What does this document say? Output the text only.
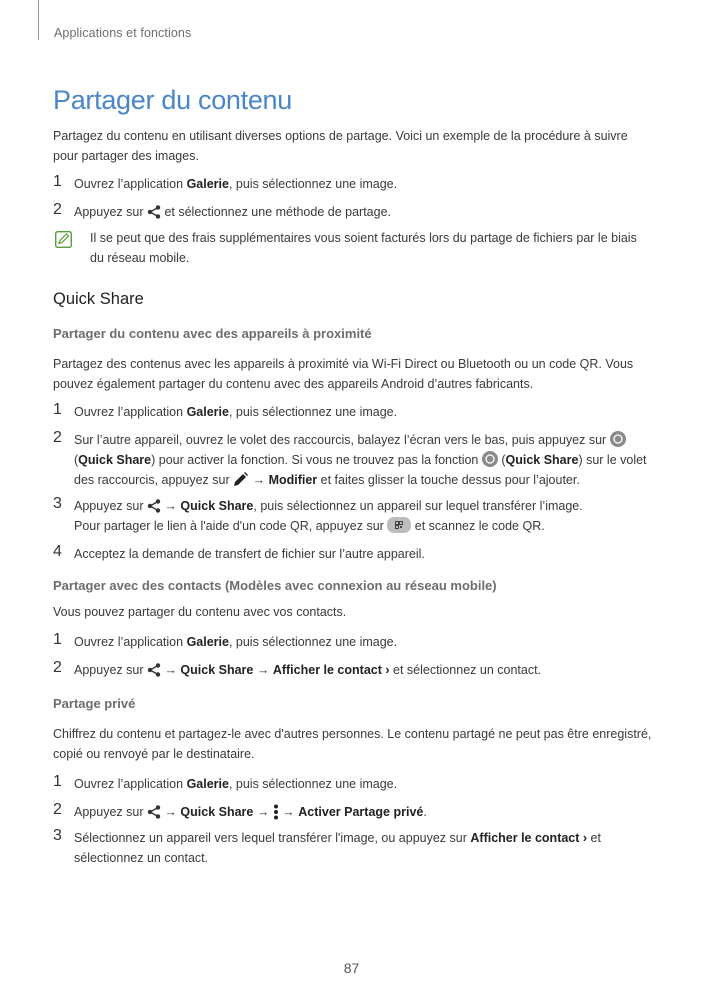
Applications et fonctions
Partager du contenu

Partagez du contenu en utilisant diverses options de partage. Voici un exemple de la procédure à suivre pour partager des images.

1 Ouvrez l’application Galerie, puis sélectionnez une image.
2 Appuyez sur  et sélectionnez une méthode de partage.
Il se peut que des frais supplémentaires vous soient facturés lors du partage de fichiers par le biais du réseau mobile.
Quick Share
Partager du contenu avec des appareils à proximité

Partagez des contenus avec les appareils à proximité via Wi-Fi Direct ou Bluetooth ou un code QR. Vous pouvez également partager du contenu avec des appareils Android d’autres fabricants.

1 Ouvrez l’application Galerie, puis sélectionnez une image.
2 Sur l’autre appareil, ouvrez le volet des raccourcis, balayez l’écran vers le bas, puis appuyez sur

(Quick Share) pour activer la fonction. Si vous ne trouvez pas la fonction
(Quick Share) sur le volet des raccourcis, appuyez sur  → Modifier et faites glisser la touche dessus pour l’ajouter.
3 Appuyez sur  → Quick Share, puis sélectionnez un appareil sur lequel transférer l’image.
Pour partager le lien à l'aide d'un code QR, appuyez sur
et scannez le code QR.
4 Acceptez la demande de transfert de fichier sur l’autre appareil.
Partager avec des contacts (Modèles avec connexion au réseau mobile)

Vous pouvez partager du contenu avec vos contacts.

1 Ouvrez l’application Galerie, puis sélectionnez une image.
2 Appuyez sur  → Quick Share → Afficher le contact › et sélectionnez un contact.
Partage privé

Chiffrez du contenu et partagez-le avec d'autres personnes. Le contenu partagé ne peut pas être enregistré, copié ou renvoyé par le destinataire.

1 Ouvrez l’application Galerie, puis sélectionnez une image.
2 Appuyez sur  → Quick Share →  → Activer Partage privé.
3 Sélectionnez un appareil vers lequel transférer l'image, ou appuyez sur Afficher le contact › et sélectionnez un contact.
87
